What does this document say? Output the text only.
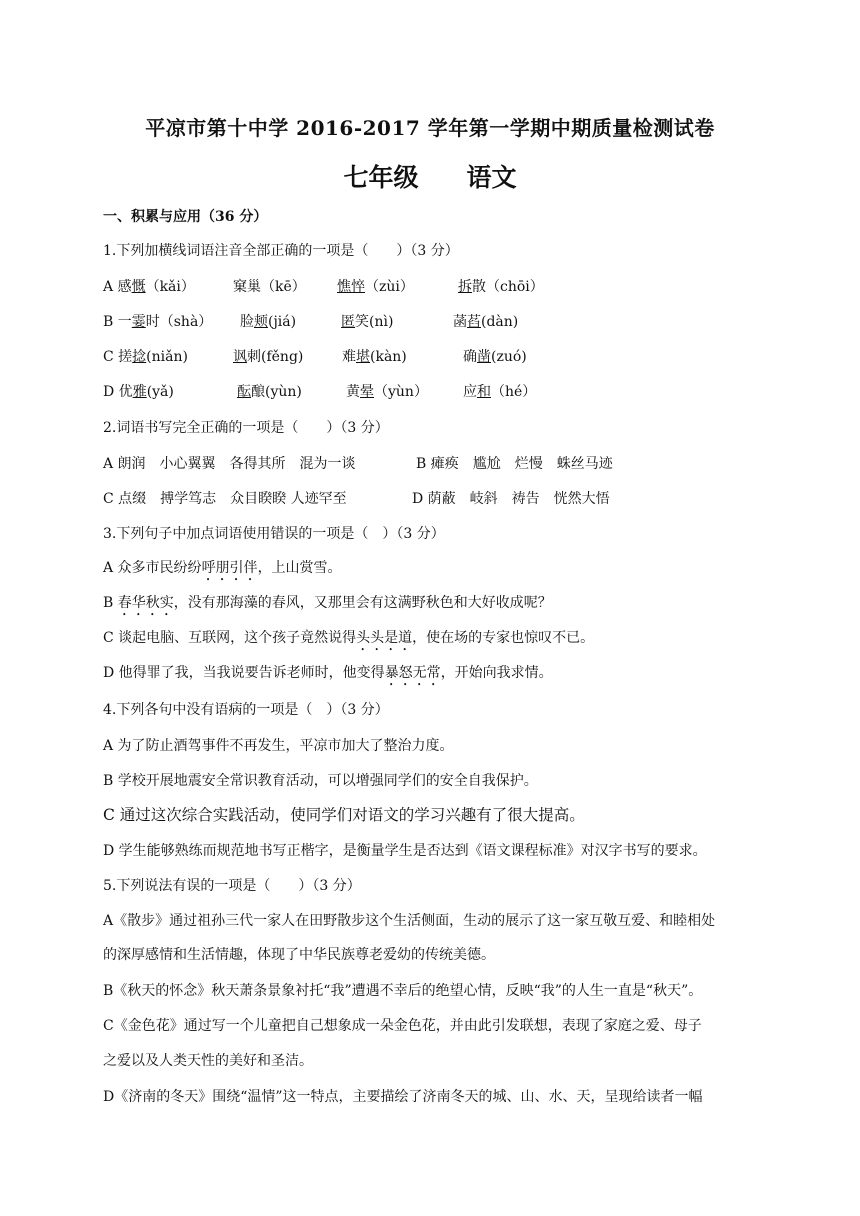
平凉市第十中学 2016-2017 学年第一学期中期质量检测试卷
七年级 语文
一、积累与应用（36 分）
1.下列加横线词语注音全部正确的一项是（　　）（3 分）
A 感慨（kǎi）	窠巢（kē） 憔悴（zùi）	拆散（chōi）
B 一霎时（shà） 脸颊(jiá)	匿笑(nì)	菡萏(dàn)
C 搓捻(niǎn)	讽刺(fěng)	难堪(kàn)	确凿(zuó)
D 优雅(yǎ)	酝酿(yùn)	黄晕（yùn）	应和（hé）
2.词语书写完全正确的一项是（　　）（3 分）
A 朗润　小心翼翼　各得其所　混为一谈	B 瘫痪　尴尬　烂慢　蛛丝马迹
C 点缀　搏学笃志　众目睽睽 人迹罕至	D 荫蔽　岐斜　祷告　恍然大悟
3.下列句子中加点词语使用错误的一项是（　）（3 分）
A 众多市民纷纷呼朋引伴，上山赏雪。
B 春华秋实，没有那海藻的春风，又那里会有这满野秋色和大好收成呢？
C 谈起电脑、互联网，这个孩子竟然说得头头是道，使在场的专家也惊叹不已。
D 他得罪了我，当我说要告诉老师时，他变得暴怒无常，开始向我求情。
4.下列各句中没有语病的一项是（　）（3 分）
A 为了防止酒驾事件不再发生，平凉市加大了整治力度。
B 学校开展地震安全常识教育活动，可以增强同学们的安全自我保护。
C 通过这次综合实践活动，使同学们对语文的学习兴趣有了很大提高。
D 学生能够熟练而规范地书写正楷字，是衡量学生是否达到《语文课程标准》对汉字书写的要求。
5.下列说法有误的一项是（　　）（3 分）
A《散步》通过祖孙三代一家人在田野散步这个生活侧面，生动的展示了这一家互敬互爱、和睦相处
的深厚感情和生活情趣，体现了中华民族尊老爱幼的传统美德。
B《秋天的怀念》秋天萧条景象衬托“我”遭遇不幸后的绝望心情，反映“我”的人生一直是“秋天”。
C《金色花》通过写一个儿童把自己想象成一朵金色花，并由此引发联想，表现了家庭之爱、母子
之爱以及人类天性的美好和圣洁。
D《济南的冬天》围绕“温情”这一特点，主要描绘了济南冬天的城、山、水、天，呈现给读者一幅
